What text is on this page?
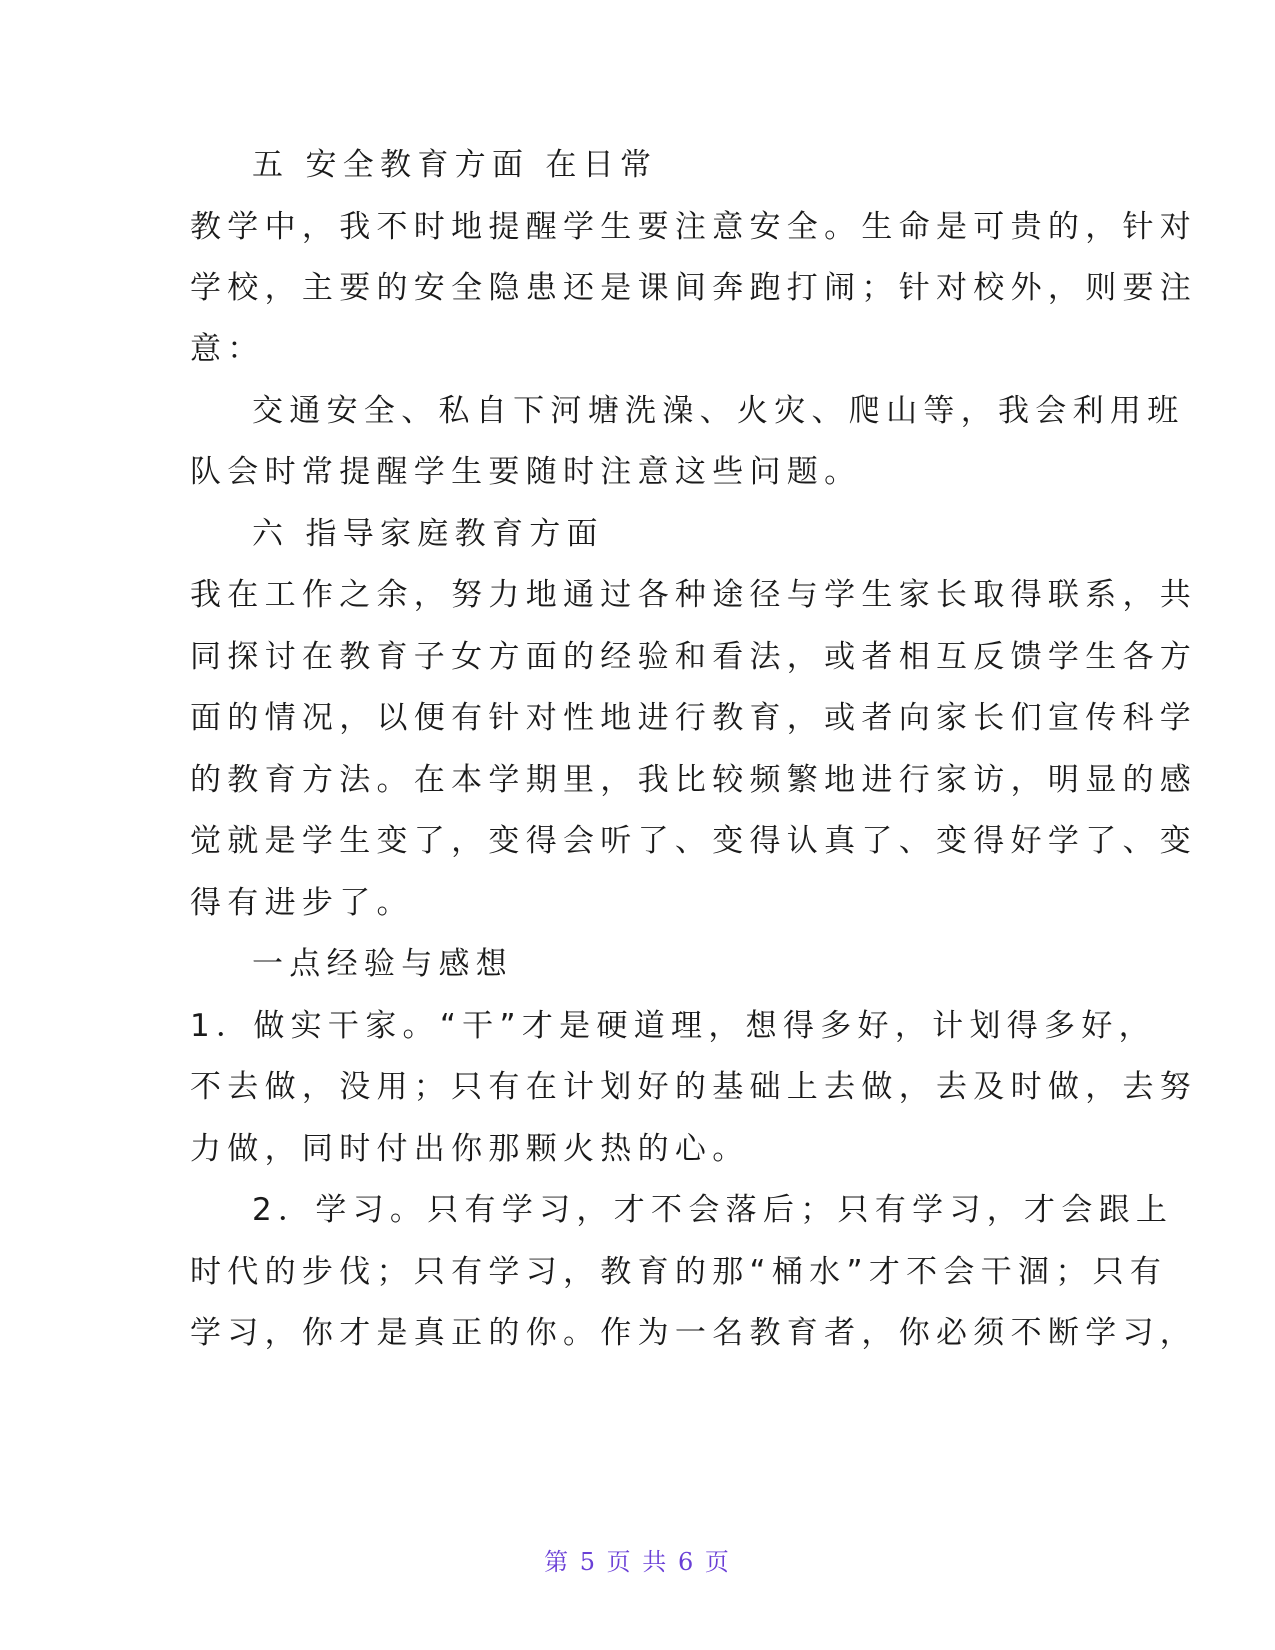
五 安全教育方面 在日常
教学中，我不时地提醒学生要注意安全。生命是可贵的，针对
学校，主要的安全隐患还是课间奔跑打闹；针对校外，则要注
意：
交通安全、私自下河塘洗澡、火灾、爬山等，我会利用班
队会时常提醒学生要随时注意这些问题。
六 指导家庭教育方面
我在工作之余，努力地通过各种途径与学生家长取得联系，共
同探讨在教育子女方面的经验和看法，或者相互反馈学生各方
面的情况，以便有针对性地进行教育，或者向家长们宣传科学
的教育方法。在本学期里，我比较频繁地进行家访，明显的感
觉就是学生变了，变得会听了、变得认真了、变得好学了、变
得有进步了。
一点经验与感想
1．做实干家。“干”才是硬道理，想得多好，计划得多好，
不去做，没用；只有在计划好的基础上去做，去及时做，去努
力做，同时付出你那颗火热的心。
2．学习。只有学习，才不会落后；只有学习，才会跟上
时代的步伐；只有学习，教育的那“桶水”才不会干涸；只有
学习，你才是真正的你。作为一名教育者，你必须不断学习，
第 5 页 共 6 页
